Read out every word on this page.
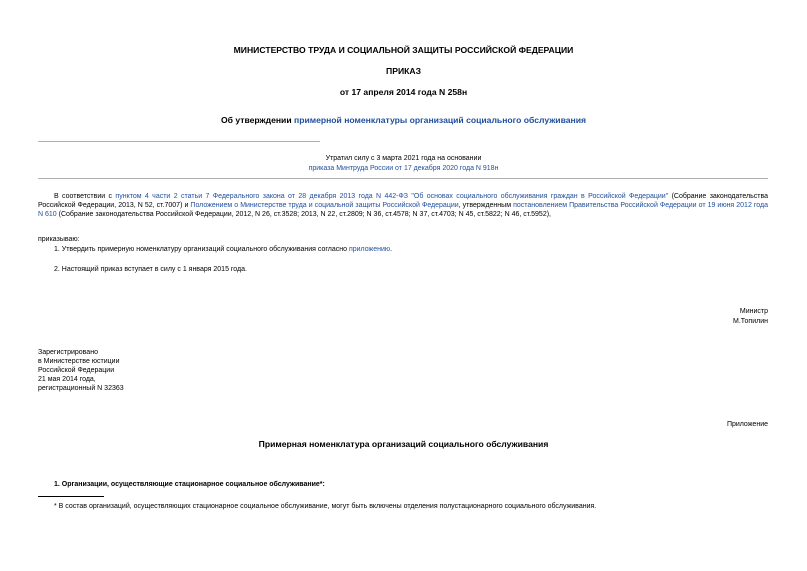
МИНИСТЕРСТВО ТРУДА И СОЦИАЛЬНОЙ ЗАЩИТЫ РОССИЙСКОЙ ФЕДЕРАЦИИ
ПРИКАЗ
от 17 апреля 2014 года N 258н
Об утверждении примерной номенклатуры организаций социального обслуживания
Утратил силу с 3 марта 2021 года на основании
приказа Минтруда России от 17 декабря 2020 года N 918н
В соответствии с пунктом 4 части 2 статьи 7 Федерального закона от 28 декабря 2013 года N 442-ФЗ "Об основах социального обслуживания граждан в Российской Федерации" (Собрание законодательства Российской Федерации, 2013, N 52, ст.7007) и Положением о Министерстве труда и социальной защиты Российской Федерации, утвержденным постановлением Правительства Российской Федерации от 19 июня 2012 года N 610 (Собрание законодательства Российской Федерации, 2012, N 26, ст.3528; 2013, N 22, ст.2809; N 36, ст.4578; N 37, ст.4703; N 45, ст.5822; N 46, ст.5952),
приказываю:
1. Утвердить примерную номенклатуру организаций социального обслуживания согласно приложению.
2. Настоящий приказ вступает в силу с 1 января 2015 года.
Министр
М.Топилин
Зарегистрировано
в Министерстве юстиции
Российской Федерации
21 мая 2014 года,
регистрационный N 32363
Приложение
Примерная номенклатура организаций социального обслуживания
1. Организации, осуществляющие стационарное социальное обслуживание*:
* В состав организаций, осуществляющих стационарное социальное обслуживание, могут быть включены отделения полустационарного социального обслуживания.
